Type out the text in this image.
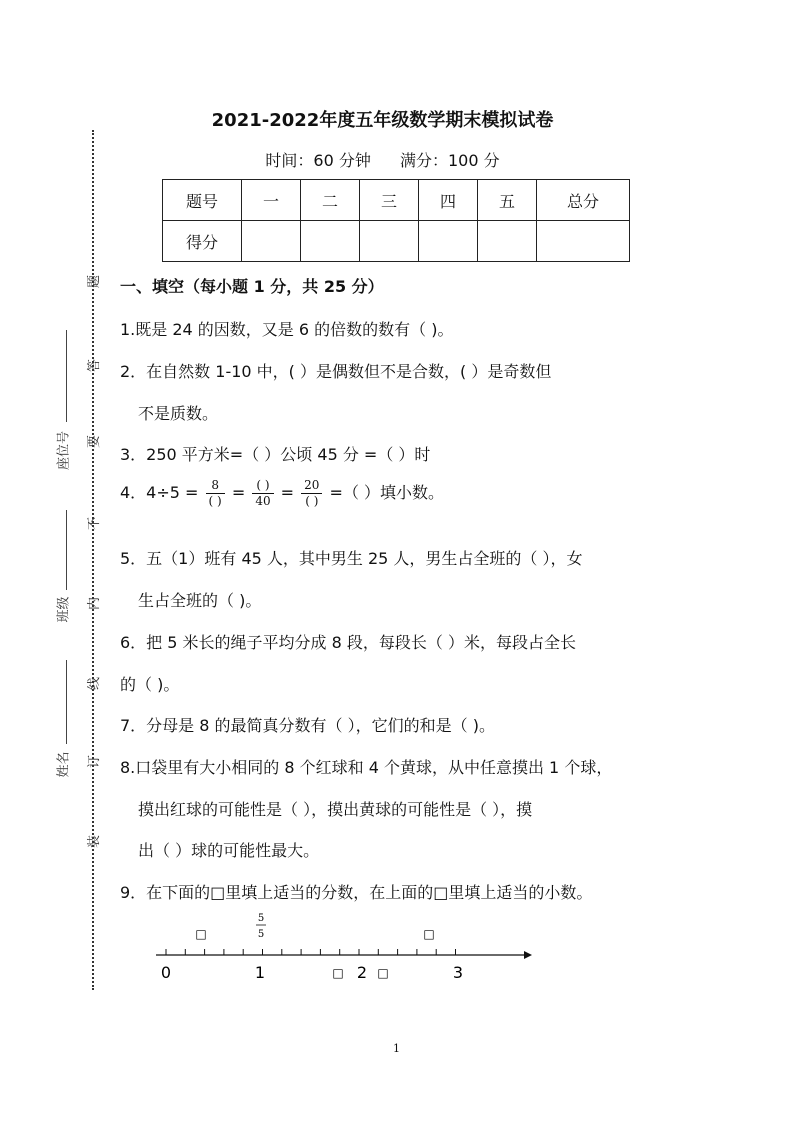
2021-2022年度五年级数学期末模拟试卷
时间：60 分钟 满分：100 分
题号	一	二	三	四	五	总分
得分						
题
答
要
不
内
线
订
装
座位号
班级
姓名
一、填空（每小题 1 分，共 25 分）
1.既是 24 的因数，又是 6 的倍数的数有（ )。
2．在自然数 1-10 中，( ）是偶数但不是合数，( ）是奇数但
不是质数。
3．250 平方米=（ ）公顷 45 分 =（ ）时
4．$4\div 5 = \frac{8}{( )} = \frac{( )}{40} = \frac{20}{( )}$ =（ ）填小数。
5．五（1）班有 45 人，其中男生 25 人，男生占全班的（ ），女
生占全班的（ )。
6．把 5 米长的绳子平均分成 8 段，每段长（ ）米，每段占全长
的（ )。
7．分母是 8 的最简真分数有（ ），它们的和是（ )。
8.口袋里有大小相同的 8 个红球和 4 个黄球，从中任意摸出 1 个球，
摸出红球的可能性是（ ），摸出黄球的可能性是（ ），摸
出（ ）球的可能性最大。
9．在下面的□里填上适当的分数，在上面的□里填上适当的小数。
0	1	2	3
□	□
□	□
5
5
1
